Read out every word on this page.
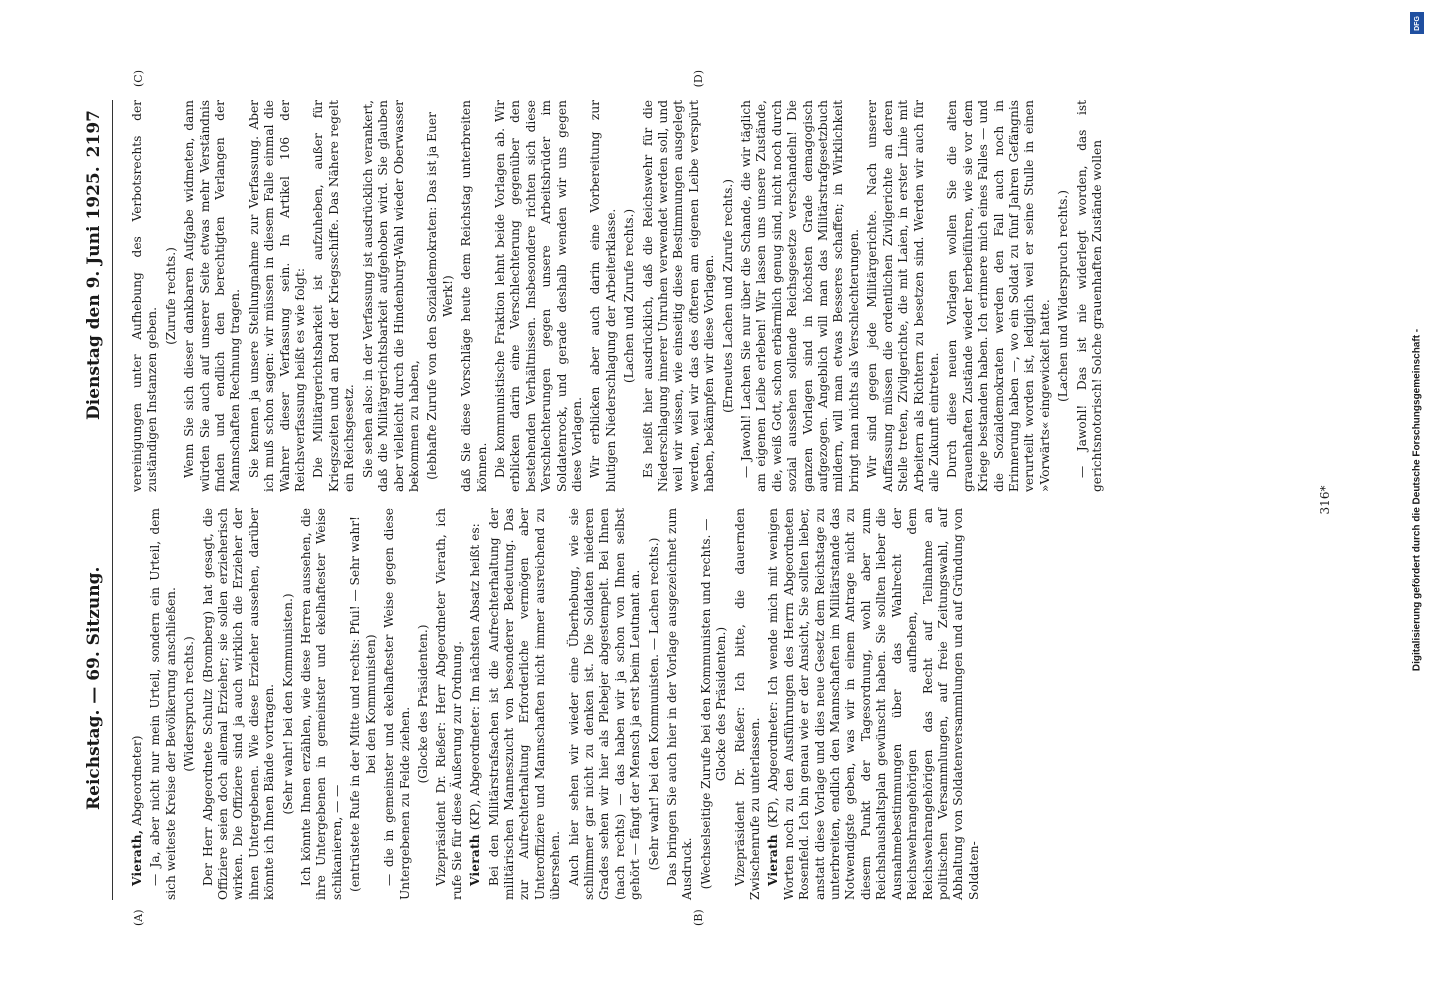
Reichstag. — 69. Sitzung.
Dienstag den 9. Juni 1925.
2197
(A)	(B)
(C)	(D)

Vierath, Abgeordneter) — Ja, aber nicht nur mein Urteil, sondern ein Urteil, dem sich weiteste Kreise der Bevölkerung anschließen. (Widerspruch rechts.) Der Herr Abgeordnete Schultz (Bromberg) hat gesagt, die Offiziere seien doch allemal Erzieher; sie sollen erzieherisch wirken. Die Offiziere sind ja auch wirklich die Erzieher der ihnen Untergebenen. Wie diese Erzieher aussehen, darüber könnte ich Ihnen Bände vortragen. (Sehr wahr! bei den Kommunisten.) Ich könnte Ihnen erzählen, wie diese Herren aussehen, die ihre Untergebenen in gemeinster und ekelhaftester Weise schikanieren, — — (entrüstete Rufe in der Mitte und rechts: Pfui! — Sehr wahr! bei den Kommunisten) — die in gemeinster und ekelhaftester Weise gegen diese Untergebenen zu Felde ziehen.

(Glocke des Präsidenten.) Vizepräsident Dr. Rießer: Herr Abgeordneter Vierath, ich rufe Sie für diese Äußerung zur Ordnung. Vierath (KP), Abgeordneter: Im nächsten Absatz heißt es: Bei den Militärstrafsachen ist die Aufrechterhaltung der militärischen Manneszucht von besonderer Bedeutung. Das zur Aufrechterhaltung Erforderliche vermögen aber Unteroffiziere und Mannschaften nicht immer ausreichend zu übersehen. Auch hier sehen wir wieder eine Überhebung, wie sie schlimmer gar nicht zu denken ist. Die Soldaten niederen Grades sehen wir hier als Plebejer abgestempelt. Bei Ihnen (nach rechts) — das haben wir ja schon von Ihnen selbst gehört — fängt der Mensch ja erst beim Leutnant an. (Sehr wahr! bei den Kommunisten. — Lachen rechts.) Das bringen Sie auch hier in der Vorlage ausgezeichnet zum Ausdruck. (Wechselseitige Zurufe bei den Kommunisten und rechts. — Glocke des Präsidenten.) Vizepräsident Dr. Rießer: Ich bitte, die dauernden Zwischenrufe zu unterlassen. Vierath (KP), Abgeordneter: Ich wende mich mit wenigen Worten noch zu den Ausführungen des Herrn Abgeordneten Rosenfeld. Ich bin genau wie er der Ansicht, Sie sollten lieber, anstatt diese Vorlage und dies neue Gesetz dem Reichstage zu unterbreiten, endlich den Mannschaften im Militärstande das Notwendigste geben, was wir in einem Antrage nicht zu diesem Punkt der Tagesordnung, wohl aber zum Reichshaushaltsplan gewünscht haben. Sie sollten lieber die Ausnahmebestimmungen über das Wahlrecht der Reichswehrangehörigen aufheben, dem Reichswehrangehörigen das Recht auf Teilnahme an politischen Versammlungen, auf freie Zeitungswahl, auf Abhaltung von Soldatenversammlungen und auf Gründung von Soldaten-

vereinigungen unter Aufhebung des Verbotsrechts der zuständigen Instanzen geben.

(Zurufe rechts.) Wenn Sie sich dieser dankbaren Aufgabe widmeten, dann würden Sie auch auf unserer Seite etwas mehr Verständnis finden und endlich den berechtigten Verlangen der Mannschaften Rechnung tragen. Sie kennen ja unsere Stellungnahme zur Verfassung. Aber ich muß schon sagen: wir müssen in diesem Falle einmal die Wahrer dieser Verfassung sein. In Artikel 106 der Reichsverfassung heißt es wie folgt: Die Militärgerichtsbarkeit ist aufzuheben, außer für Kriegszeiten und an Bord der Kriegsschiffe. Das Nähere regelt ein Reichsgesetz. Sie sehen also: in der Verfassung ist ausdrücklich verankert, daß die Militärgerichtsbarkeit aufgehoben wird. Sie glauben aber vielleicht durch die Hindenburg-Wahl wieder Oberwasser bekommen zu haben, (lebhafte Zurufe von den Sozialdemokraten: Das ist ja Euer Werk!) daß Sie diese Vorschläge heute dem Reichstag unterbreiten können. Die kommunistische Fraktion lehnt beide Vorlagen ab. Wir erblicken darin eine Verschlechterung gegenüber den bestehenden Verhältnissen. Insbesondere richten sich diese Verschlechterungen gegen unsere Arbeitsbrüder im Soldatenrock, und gerade deshalb wenden wir uns gegen diese Vorlagen. Wir erblicken aber auch darin eine Vorbereitung zur blutigen Niederschlagung der Arbeiterklasse. (Lachen und Zurufe rechts.) Es heißt hier ausdrücklich, daß die Reichswehr für die Niederschlagung innerer Unruhen verwendet werden soll, und weil wir wissen, wie einseitig diese Bestimmungen ausgelegt werden, weil wir das des öfteren am eigenen Leibe verspürt haben, bekämpfen wir diese Vorlagen. (Erneutes Lachen und Zurufe rechts.) — Jawohl! Lachen Sie nur über die Schande, die wir täglich am eigenen Leibe erleben! Wir lassen uns unsere Zustände, die, weiß Gott, schon erbärmlich genug sind, nicht noch durch sozial aussehen sollende Reichsgesetze verschandeln! Die ganzen Vorlagen sind in höchsten Grade demagogisch aufgezogen. Angeblich will man das Militärstrafgesetzbuch mildern, will man etwas Besseres schaffen; in Wirklichkeit bringt man nichts als Verschlechterungen. Wir sind gegen jede Militärgerichte. Nach unserer Auffassung müssen die ordentlichen Zivilgerichte an deren Stelle treten, Zivilgerichte, die mit Laien, in erster Linie mit Arbeitern als Richtern zu besetzen sind. Werden wir auch für alle Zukunft eintreten. Durch diese neuen Vorlagen wollen Sie die alten grauenhaften Zustände wieder herbeiführen, wie sie vor dem Kriege bestanden haben. Ich erinnere mich eines Falles — und die Sozialdemokraten werden den Fall auch noch in Erinnerung haben —, wo ein Soldat zu fünf Jahren Gefängnis verurteilt worden ist, lediglich weil er seine Stulle in einen »Vorwärts« eingewickelt hatte. (Lachen und Widerspruch rechts.) — Jawohl! Das ist nie widerlegt worden, das ist gerichtsnotorisch! Solche grauenhaften Zustände wollen

316*	Digitalisierung gefördert durch die Deutsche Forschungsgemeinschaft -
DFG
